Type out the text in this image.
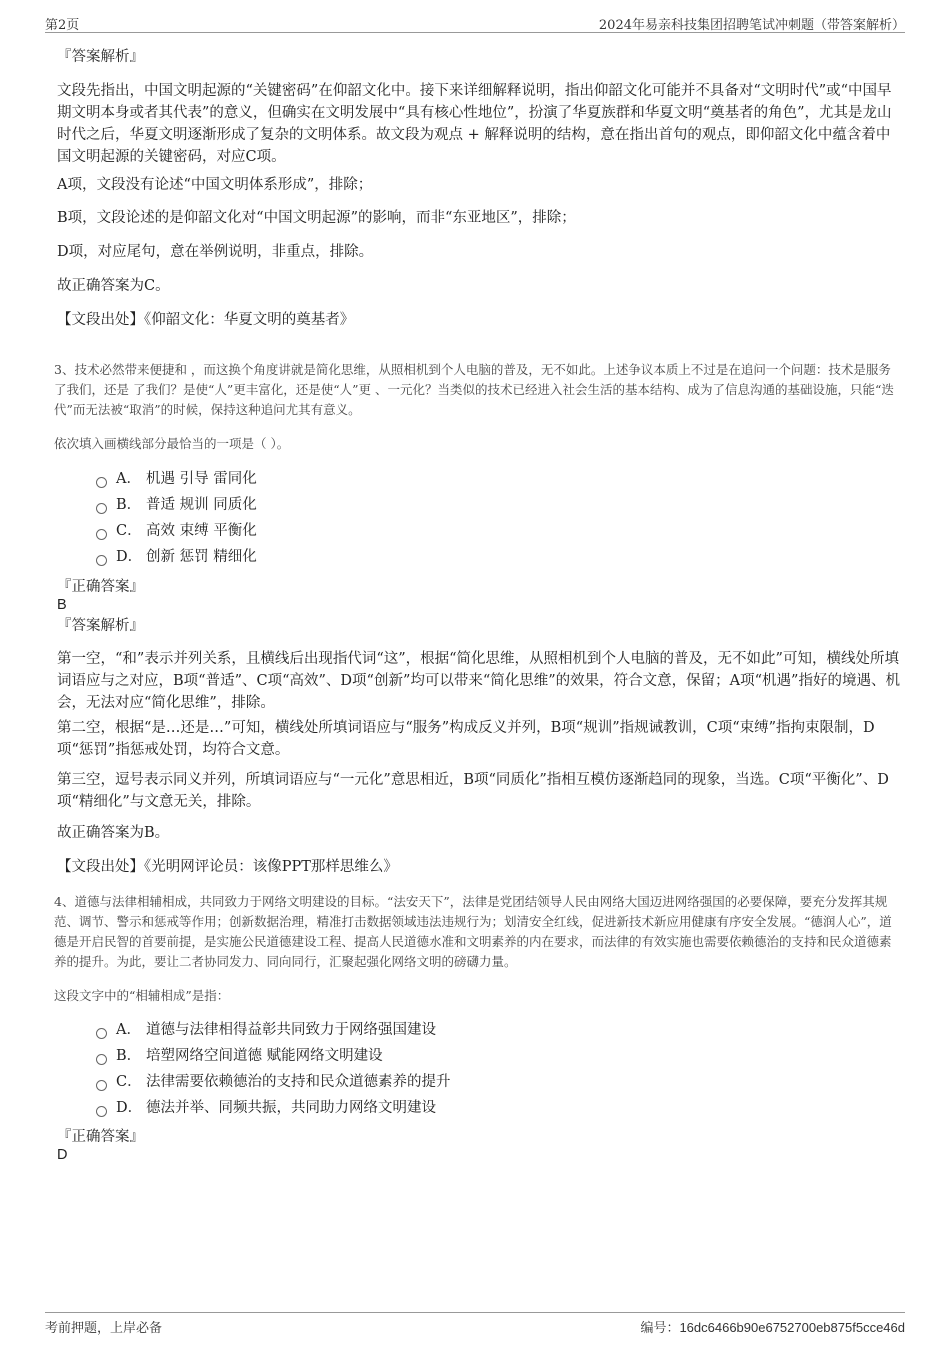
第2页	2024年易亲科技集团招聘笔试冲刺题（带答案解析）

『答案解析』

文段先指出，中国文明起源的“关键密码”在仰韶文化中。接下来详细解释说明，指出仰韶文化可能并不具备对“文明时代”或“中国早期文明本身或者其代表”的意义，但确实在文明发展中“具有核心性地位”，扮演了华夏族群和华夏文明“奠基者的角色”，尤其是龙山时代之后，华夏文明逐渐形成了复杂的文明体系。故文段为观点 + 解释说明的结构，意在指出首句的观点，即仰韶文化中蕴含着中国文明起源的关键密码，对应C项。

A项，文段没有论述“中国文明体系形成”，排除；

B项，文段论述的是仰韶文化对“中国文明起源”的影响，而非“东亚地区”，排除；

D项，对应尾句，意在举例说明，非重点，排除。

故正确答案为C。

【文段出处】《仰韶文化：华夏文明的奠基者》

3、技术必然带来便捷和 ，而这换个角度讲就是简化思维，从照相机到个人电脑的普及，无不如此。上述争议本质上不过是在追问一个问题：技术是服务了我们，还是 了我们？是使“人”更丰富化，还是使“人”更 、一元化？当类似的技术已经进入社会生活的基本结构、成为了信息沟通的基础设施，只能“迭代”而无法被“取消”的时候，保持这种追问尤其有意义。

依次填入画横线部分最恰当的一项是（ ）。

A． 机遇 引导 雷同化
B． 普适 规训 同质化
C． 高效 束缚 平衡化
D． 创新 惩罚 精细化

『正确答案』

B

『答案解析』

第一空，“和”表示并列关系，且横线后出现指代词“这”，根据“简化思维，从照相机到个人电脑的普及，无不如此”可知，横线处所填词语应与之对应，B项“普适”、C项“高效”、D项“创新”均可以带来“简化思维”的效果，符合文意，保留；A项“机遇”指好的境遇、机会，无法对应“简化思维”，排除。

第二空，根据“是…还是…”可知，横线处所填词语应与“服务”构成反义并列，B项“规训”指规诫教训，C项“束缚”指拘束限制，D项“惩罚”指惩戒处罚，均符合文意。

第三空，逗号表示同义并列，所填词语应与“一元化”意思相近，B项“同质化”指相互模仿逐渐趋同的现象，当选。C项“平衡化”、D项“精细化”与文意无关，排除。

故正确答案为B。

【文段出处】《光明网评论员：该像PPT那样思维么》

4、道德与法律相辅相成，共同致力于网络文明建设的目标。“法安天下”，法律是党团结领导人民由网络大国迈进网络强国的必要保障，要充分发挥其规范、调节、警示和惩戒等作用；创新数据治理，精准打击数据领域违法违规行为；划清安全红线，促进新技术新应用健康有序安全发展。“德润人心”，道德是开启民智的首要前提，是实施公民道德建设工程、提高人民道德水准和文明素养的内在要求，而法律的有效实施也需要依赖德治的支持和民众道德素养的提升。为此，要让二者协同发力、同向同行，汇聚起强化网络文明的磅礴力量。

这段文字中的“相辅相成”是指：

A． 道德与法律相得益彰共同致力于网络强国建设
B． 培塑网络空间道德 赋能网络文明建设
C． 法律需要依赖德治的支持和民众道德素养的提升
D． 德法并举、同频共振，共同助力网络文明建设

『正确答案』

D

考前押题，上岸必备	编号：16dc6466b90e6752700eb875f5cce46d
